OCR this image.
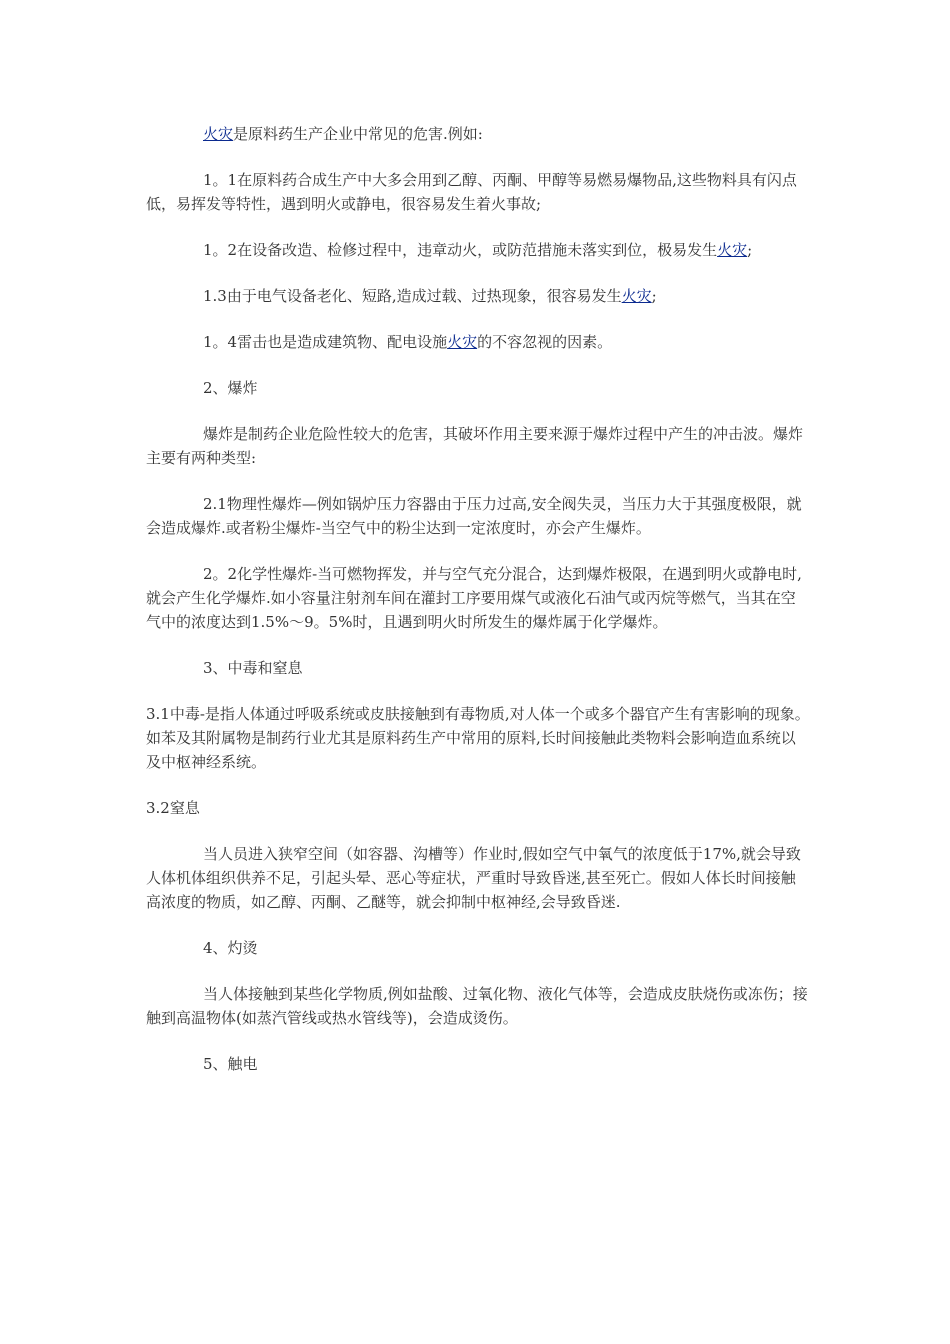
火灾是原料药生产企业中常见的危害.例如:

1。1在原料药合成生产中大多会用到乙醇、丙酮、甲醇等易燃易爆物品,这些物料具有闪点低，易挥发等特性，遇到明火或静电，很容易发生着火事故;

1。2在设备改造、检修过程中，违章动火，或防范措施未落实到位，极易发生火灾;

1.3由于电气设备老化、短路,造成过载、过热现象，很容易发生火灾;

1。4雷击也是造成建筑物、配电设施火灾的不容忽视的因素。

2、爆炸

爆炸是制药企业危险性较大的危害，其破坏作用主要来源于爆炸过程中产生的冲击波。爆炸主要有两种类型:

2.1物理性爆炸—例如锅炉压力容器由于压力过高,安全阀失灵，当压力大于其强度极限，就会造成爆炸.或者粉尘爆炸-当空气中的粉尘达到一定浓度时，亦会产生爆炸。

2。2化学性爆炸-当可燃物挥发，并与空气充分混合，达到爆炸极限，在遇到明火或静电时,就会产生化学爆炸.如小容量注射剂车间在灌封工序要用煤气或液化石油气或丙烷等燃气，当其在空气中的浓度达到1.5%～9。5%时，且遇到明火时所发生的爆炸属于化学爆炸。

3、中毒和窒息

3.1中毒-是指人体通过呼吸系统或皮肤接触到有毒物质,对人体一个或多个器官产生有害影响的现象。如苯及其附属物是制药行业尤其是原料药生产中常用的原料,长时间接触此类物料会影响造血系统以及中枢神经系统。

3.2窒息

当人员进入狭窄空间（如容器、沟槽等）作业时,假如空气中氧气的浓度低于17%,就会导致人体机体组织供养不足，引起头晕、恶心等症状，严重时导致昏迷,甚至死亡。假如人体长时间接触高浓度的物质，如乙醇、丙酮、乙醚等，就会抑制中枢神经,会导致昏迷.

4、灼烫

当人体接触到某些化学物质,例如盐酸、过氧化物、液化气体等，会造成皮肤烧伤或冻伤；接触到高温物体(如蒸汽管线或热水管线等)，会造成烫伤。

5、触电
